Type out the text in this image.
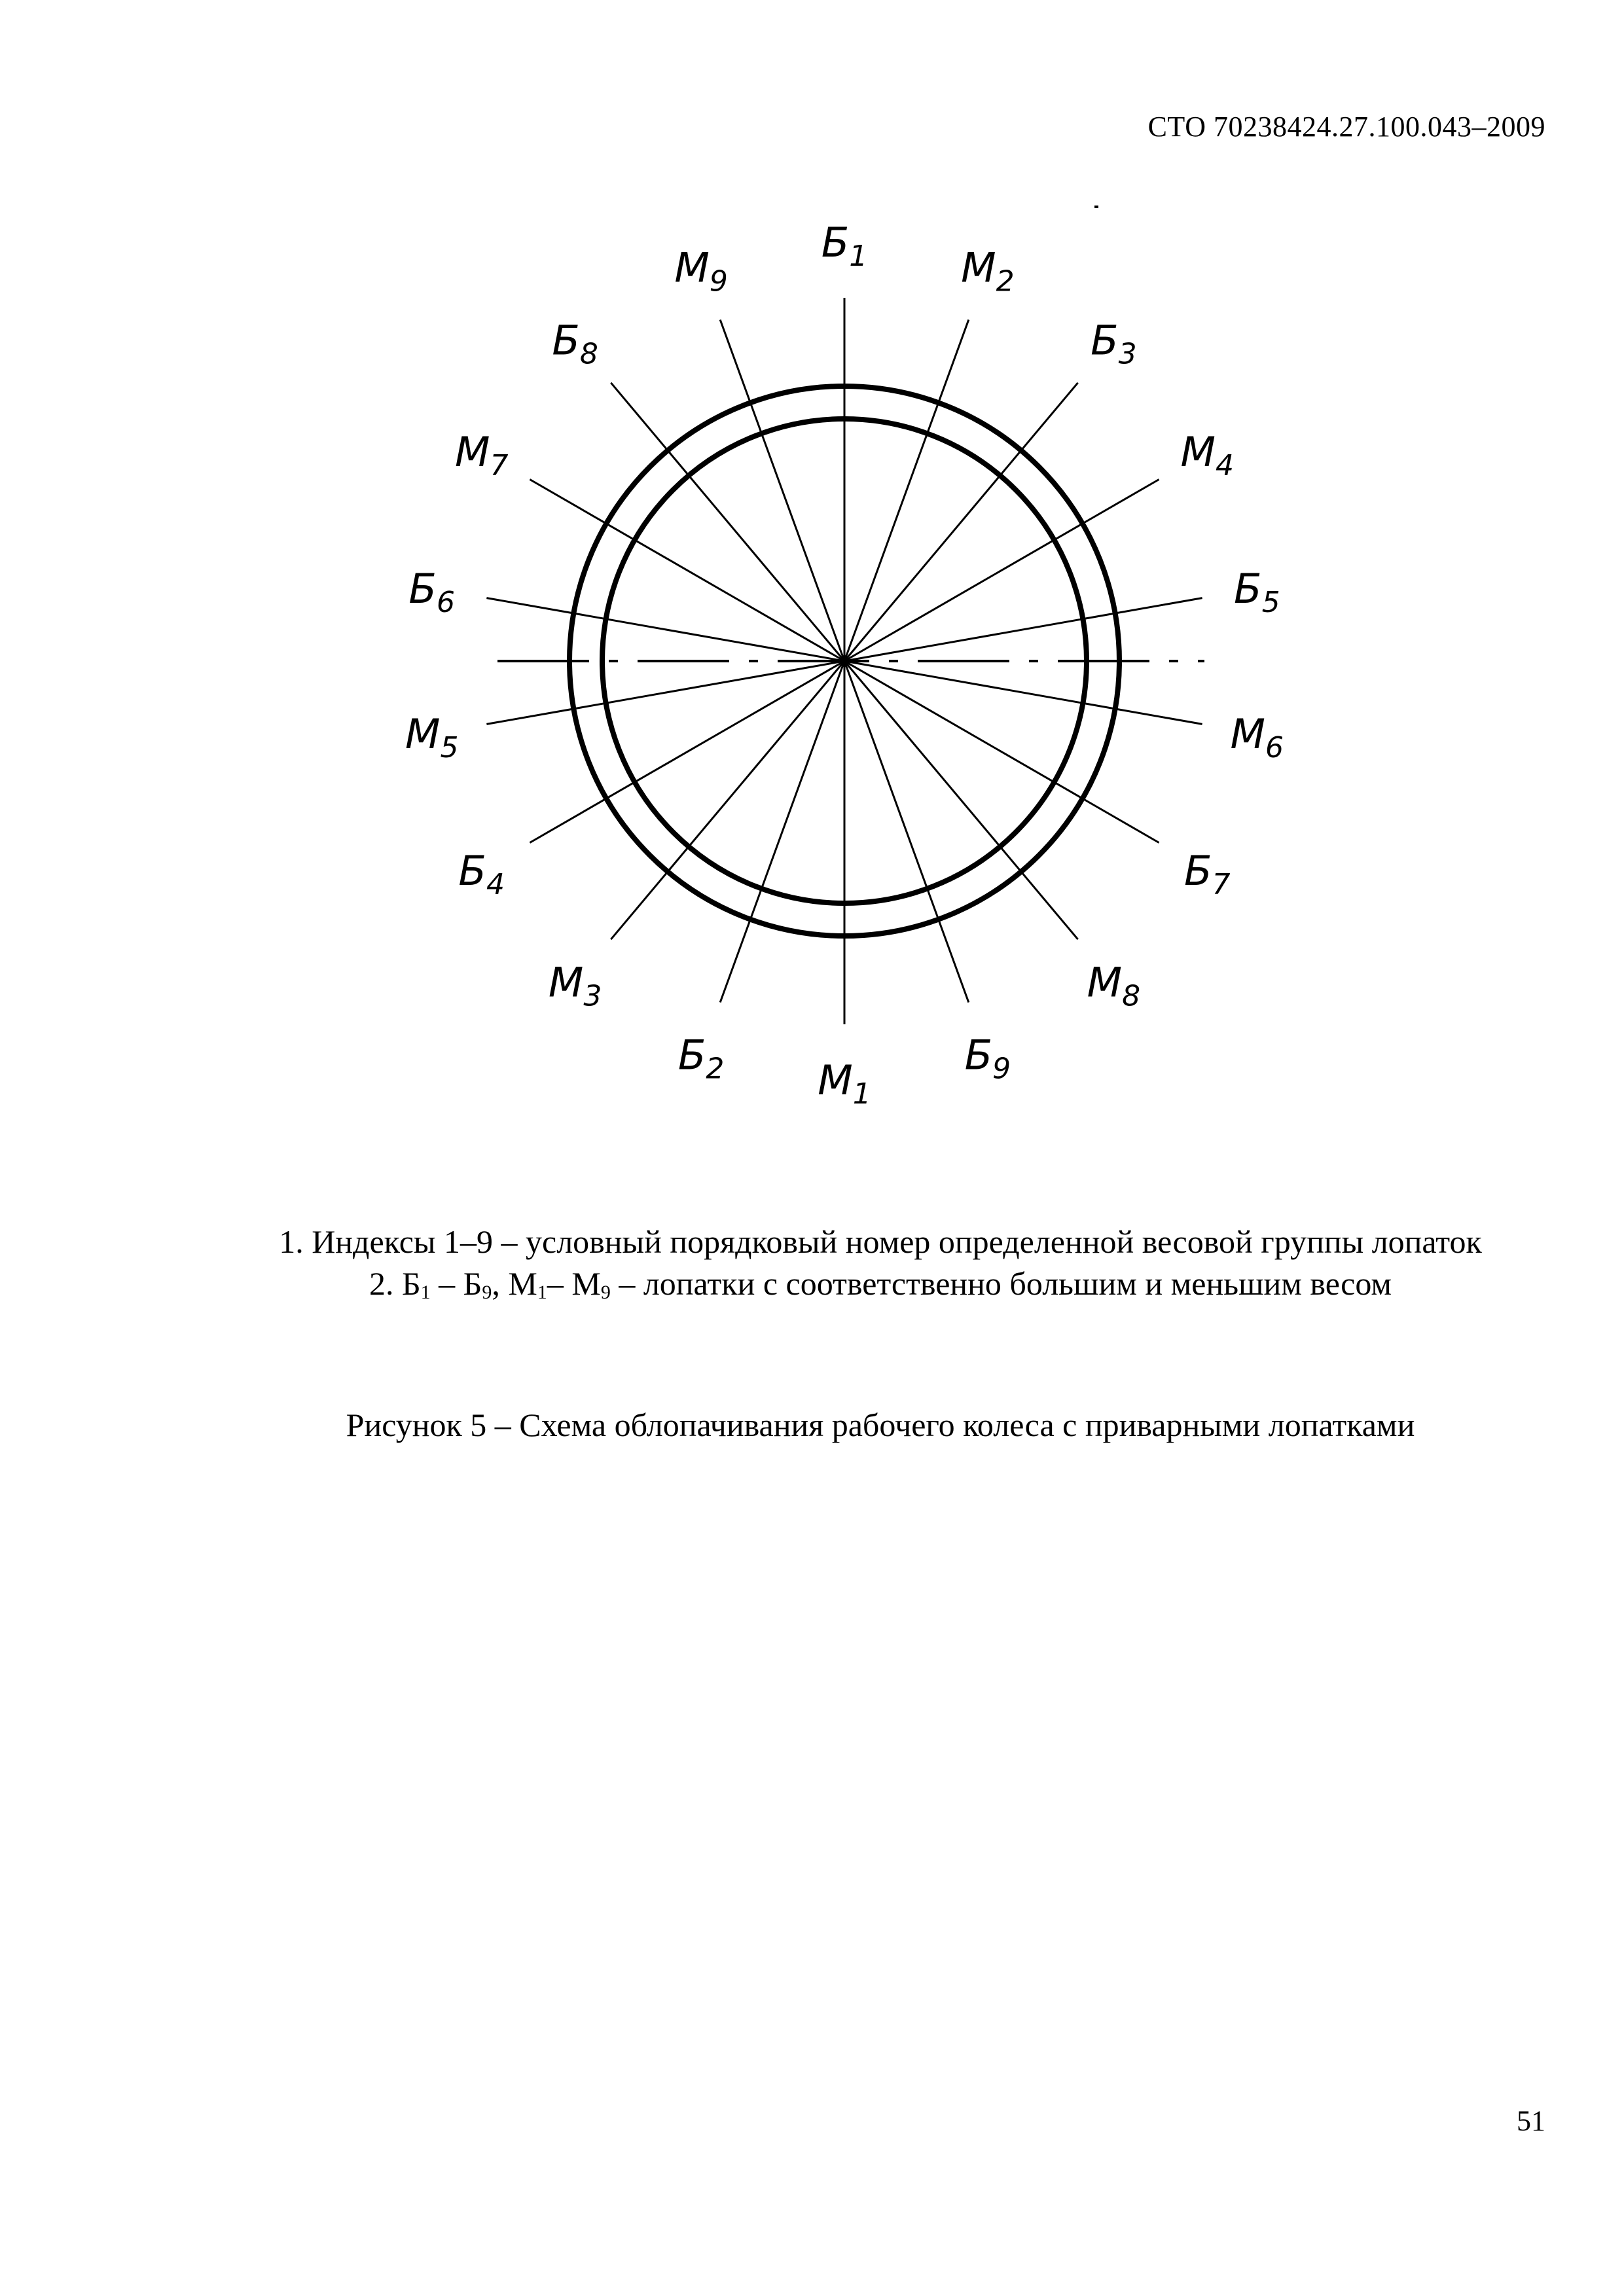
СТО 70238424.27.100.043–2009
$Б_1$ $М_2$
$Б_3$
$М_4$
$Б_5$
$М_6$
$Б_7$
$М_8$
$Б_9$
$М_1$
$Б_2$
$М_3$
$Б_4$
$М_5$
$Б_6$
$М_7$
$Б_8$
$М_9$

1. Индексы 1–9 – условный порядковый номер определенной весовой группы лопаток

2. $Б_1 - Б_9$, $М_1-$ $М_9$ – лопатки с соответственно большим и меньшим весом

Рисунок 5 – Схема облопачивания рабочего колеса с приварными лопатками
51
